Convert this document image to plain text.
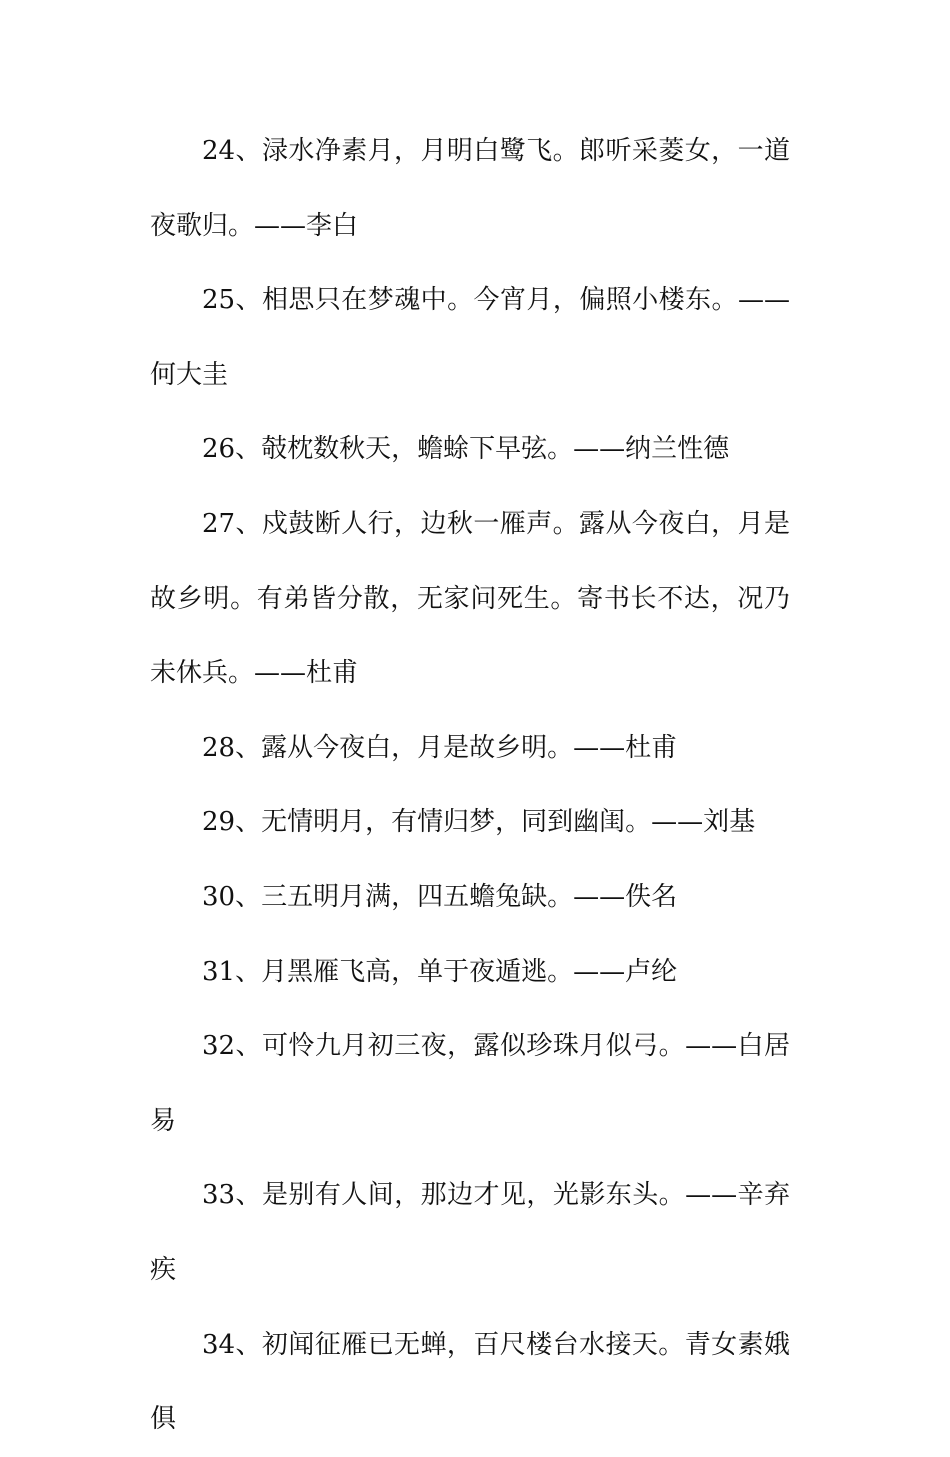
24、渌水净素月，月明白鹭飞。郎听采菱女，一道夜歌归。——李白

25、相思只在梦魂中。今宵月，偏照小楼东。——何大圭

26、攲枕数秋天，蟾蜍下早弦。——纳兰性德

27、戍鼓断人行，边秋一雁声。露从今夜白，月是故乡明。有弟皆分散，无家问死生。寄书长不达，况乃未休兵。——杜甫

28、露从今夜白，月是故乡明。——杜甫

29、无情明月，有情归梦，同到幽闺。——刘基

30、三五明月满，四五蟾兔缺。——佚名

31、月黑雁飞高，单于夜遁逃。——卢纶

32、可怜九月初三夜，露似珍珠月似弓。——白居易

33、是别有人间，那边才见，光影东头。——辛弃疾

34、初闻征雁已无蝉，百尺楼台水接天。青女素娥俱
